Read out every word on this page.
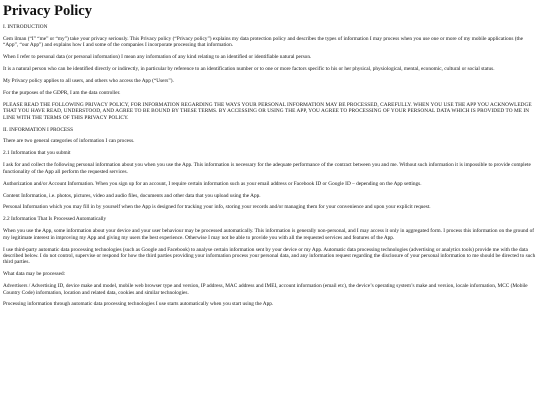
Privacy Policy

I. INTRODUCTION

Cem ilman (“I” “me” or “my”) take your privacy seriously. This Privacy policy (“Privacy policy”) explains my data protection policy and describes the types of information I may process when you use one or more of my mobile applications (the “App”, “our App”) and explains how I and some of the companies I incorporate processing that information.

When I refer to personal data (or personal information) I mean any information of any kind relating to an identified or identifiable natural person.

It is a natural person who can be identified directly or indirectly, in particular by reference to an identification number or to one or more factors specific to his or her physical, physiological, mental, economic, cultural or social status.

My Privacy policy applies to all users, and others who access the App (“Users”).

For the purposes of the GDPR, I am the data controller.

PLEASE READ THE FOLLOWING PRIVACY POLICY, FOR INFORMATION REGARDING THE WAYS YOUR PERSONAL INFORMATION MAY BE PROCESSED, CAREFULLY. WHEN YOU USE THE APP YOU ACKNOWLEDGE THAT YOU HAVE READ, UNDERSTOOD, AND AGREE TO BE BOUND BY THESE TERMS. BY ACCESSING OR USING THE APP, YOU AGREE TO PROCESSING OF YOUR PERSONAL DATA WHICH IS PROVIDED TO ME IN LINE WITH THE TERMS OF THIS PRIVACY POLICY.

II. INFORMATION I PROCESS

There are two general categories of information I can process.

2.1 Information that you submit

I ask for and collect the following personal information about you when you use the App. This information is necessary for the adequate performance of the contract between you and me. Without such information it is impossible to provide complete functionality of the App all perform the requested services.

Authorization and/or Account Information. When you sign up for an account, I require certain information such as your email address or Facebook ID or Google ID – depending on the App settings.

Content Information, i.e. photos, pictures, video and audio files, documents and other data that you upload using the App.

Personal Information which you may fill in by yourself when the App is designed for tracking your info, storing your records and/or managing them for your convenience and upon your explicit request.

2.2 Information That Is Processed Automatically

When you use the App, some information about your device and your user behaviour may be processed automatically. This information is generally non-personal, and I may access it only in aggregated form. I process this information on the ground of my legitimate interest in improving my App and giving my users the best experience. Otherwise I may not be able to provide you with all the requested services and features of the App.

I use third-party automatic data processing technologies (such as Google and Facebook) to analyse certain information sent by your device or my App. Automatic data processing technologies (advertising or analytics tools) provide me with the data described below. I do not control, supervise or respond for how the third parties providing your information process your personal data, and any information request regarding the disclosure of your personal information to me should be directed to such third parties.

What data may be processed:

Advertisers / Advertising ID, device make and model, mobile web browser type and version, IP address, MAC address and IMEI, account information (email etc), the device’s operating system’s make and version, locale information, MCC (Mobile Country Code) information, location and related data, cookies and similar technologies.

Processing information through automatic data processing technologies I use starts automatically when you start using the App.
